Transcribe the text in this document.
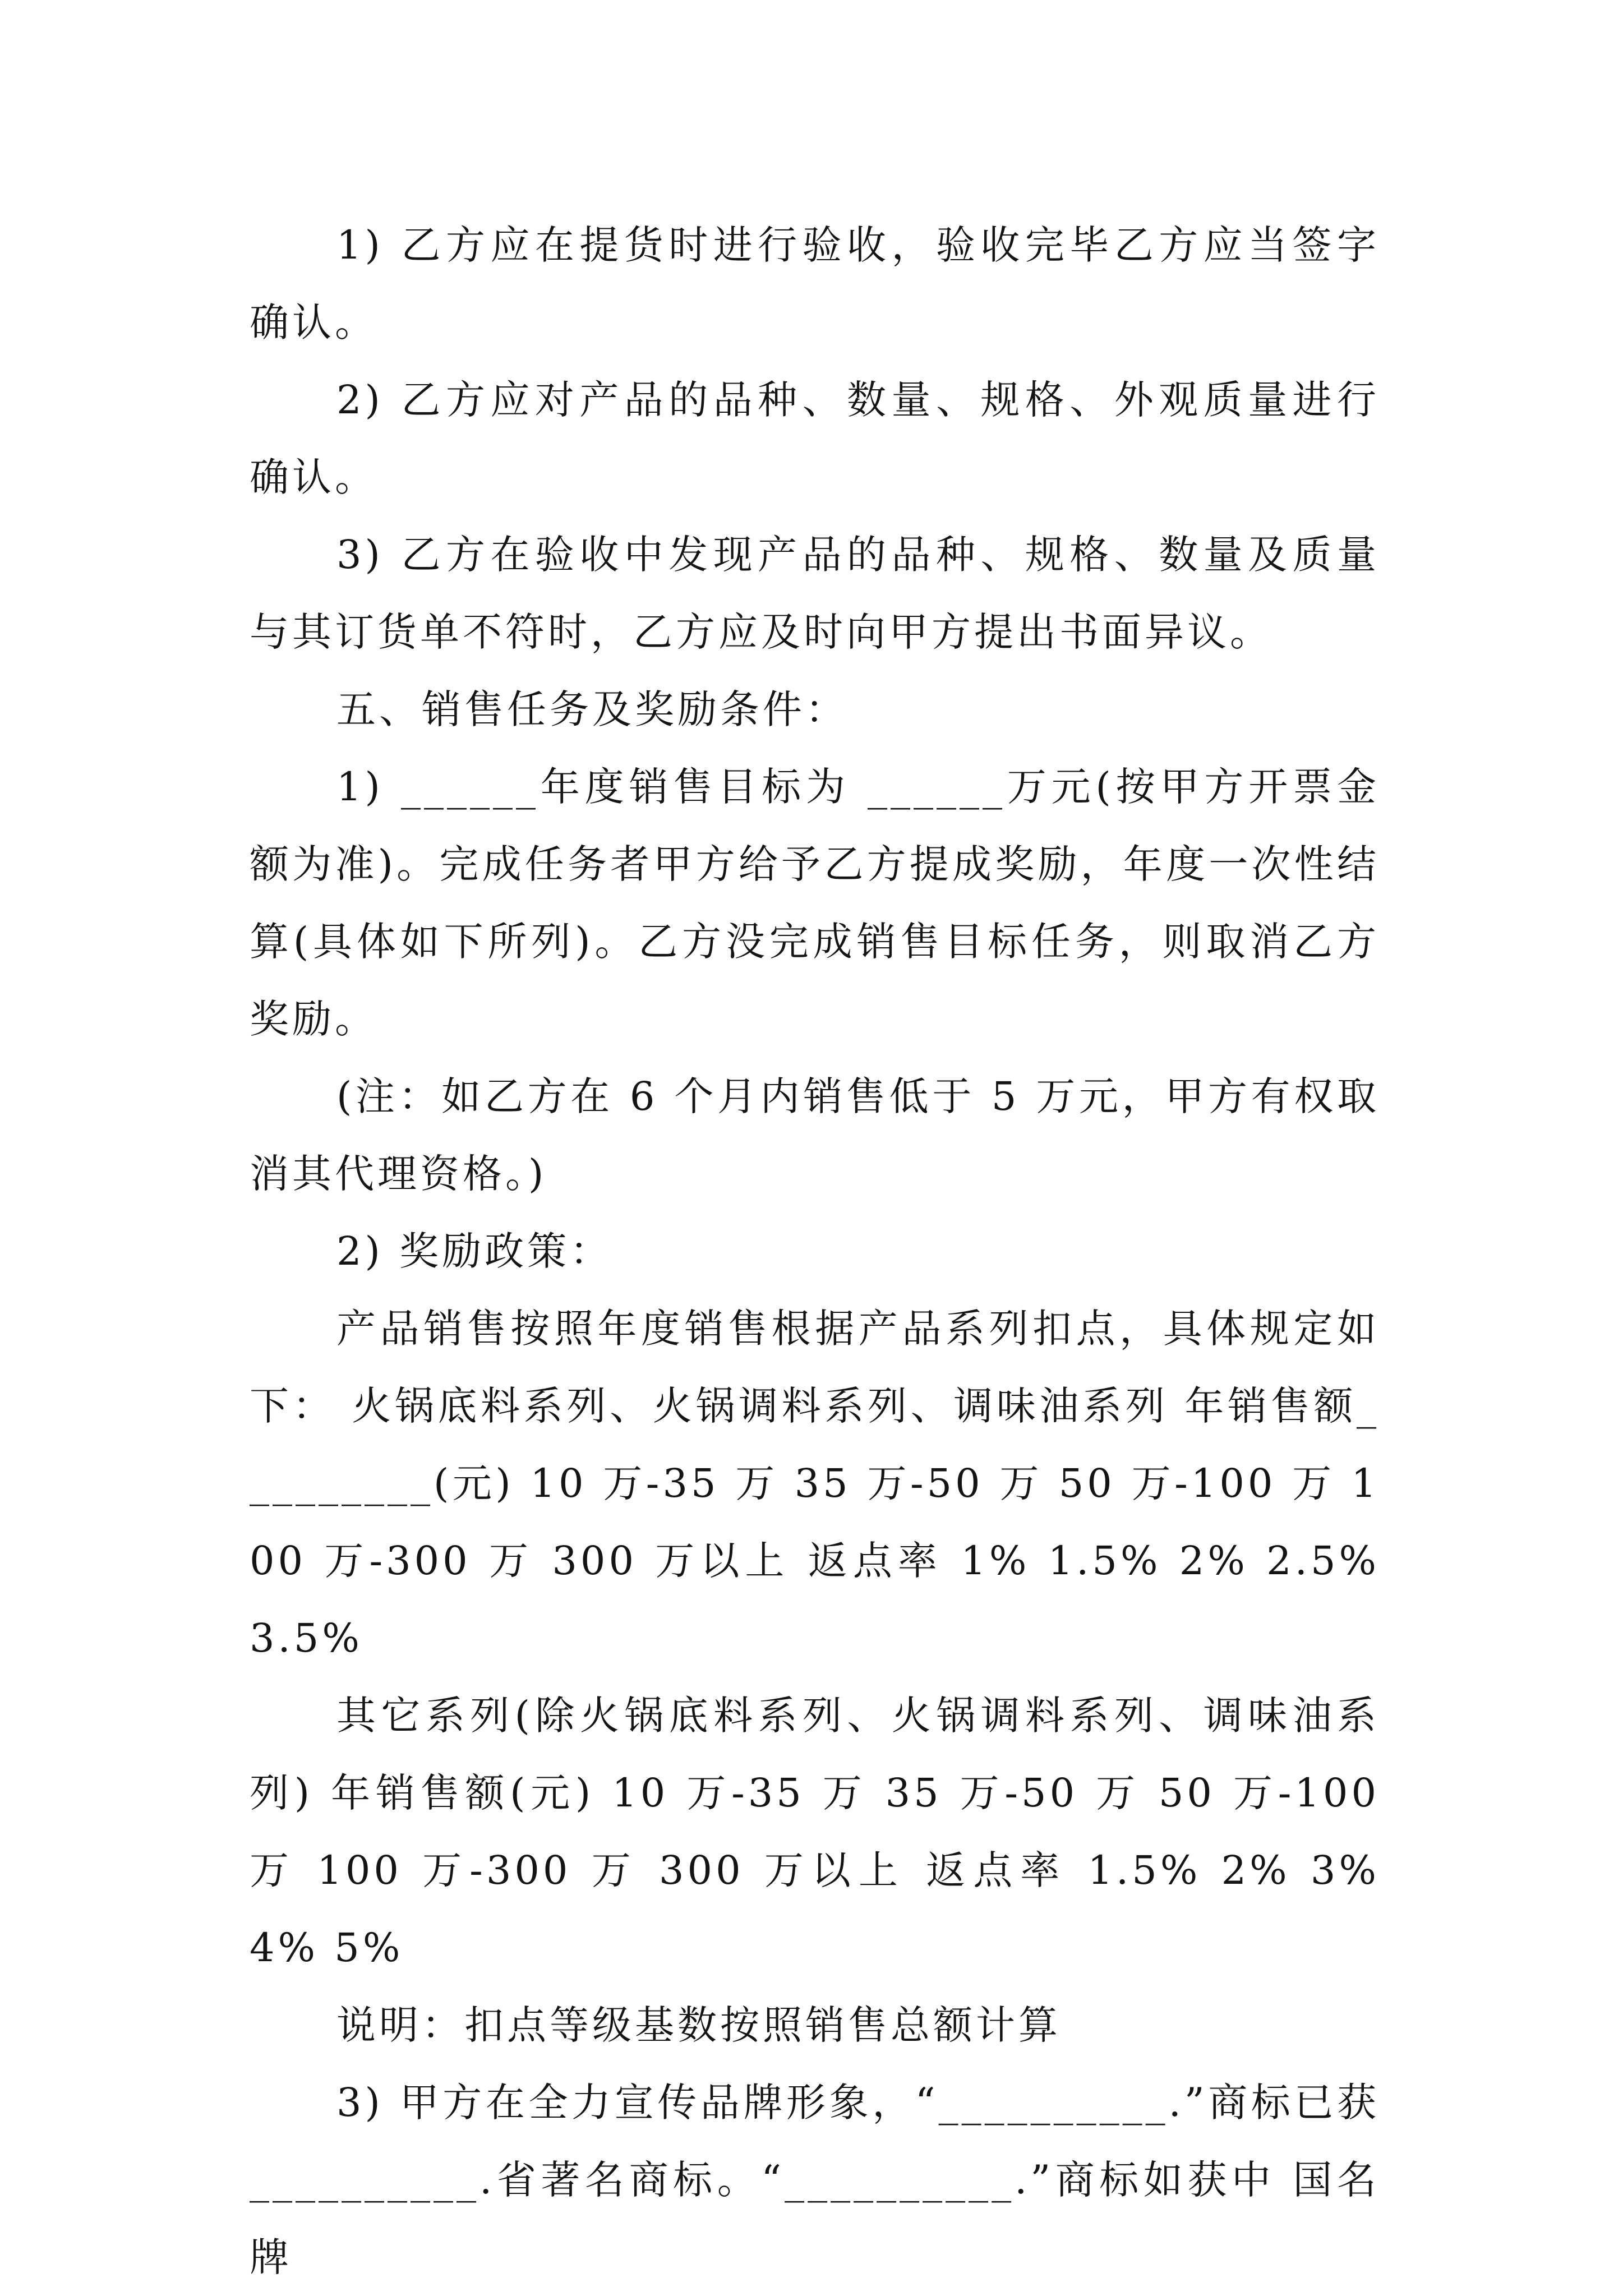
1) 乙方应在提货时进行验收，验收完毕乙方应当签字确认。

2) 乙方应对产品的品种、数量、规格、外观质量进行确认。

3) 乙方在验收中发现产品的品种、规格、数量及质量与其订货单不符时，乙方应及时向甲方提出书面异议。

五、销售任务及奖励条件：

1) ______年度销售目标为 ______万元(按甲方开票金额为准)。完成任务者甲方给予乙方提成奖励，年度一次性结算(具体如下所列)。乙方没完成销售目标任务，则取消乙方奖励。

(注：如乙方在 6 个月内销售低于 5 万元，甲方有权取消其代理资格。)

2) 奖励政策：

产品销售按照年度销售根据产品系列扣点，具体规定如下： 火锅底料系列、火锅调料系列、调味油系列 年销售额_________(元) 10 万-35 万 35 万-50 万 50 万-100 万 100 万-300 万 300 万以上 返点率 1% 1.5% 2% 2.5% 3.5%

其它系列(除火锅底料系列、火锅调料系列、调味油系列) 年销售额(元) 10 万-35 万 35 万-50 万 50 万-100 万 100 万-300 万 300 万以上 返点率 1.5% 2% 3% 4% 5%

说明：扣点等级基数按照销售总额计算

3) 甲方在全力宣传品牌形象，“__________.”商标已获__________.省著名商标。“__________.”商标如获中 国名牌
